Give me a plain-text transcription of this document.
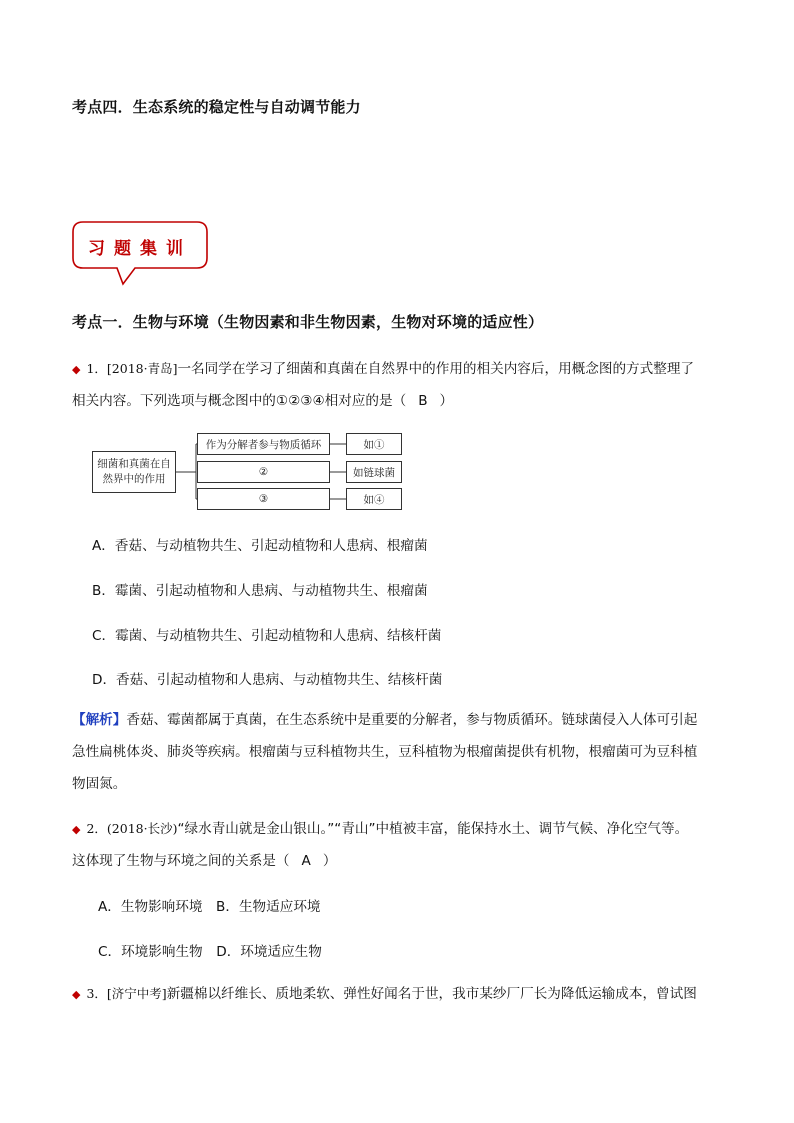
考点四．生态系统的稳定性与自动调节能力
习题集训
考点一．生物与环境（生物因素和非生物因素，生物对环境的适应性）
◆ 1．[2018·青岛]一名同学在学习了细菌和真菌在自然界中的作用的相关内容后，用概念图的方式整理了
相关内容。下列选项与概念图中的①②③④相对应的是（ B ）
细菌和真菌在自然界中的作用
作为分解者参与物质循环
②
③
如①
如链球菌
如④
A．香菇、与动植物共生、引起动植物和人患病、根瘤菌
B．霉菌、引起动植物和人患病、与动植物共生、根瘤菌
C．霉菌、与动植物共生、引起动植物和人患病、结核杆菌
D．香菇、引起动植物和人患病、与动植物共生、结核杆菌
【解析】香菇、霉菌都属于真菌，在生态系统中是重要的分解者，参与物质循环。链球菌侵入人体可引起
急性扁桃体炎、肺炎等疾病。根瘤菌与豆科植物共生，豆科植物为根瘤菌提供有机物，根瘤菌可为豆科植
物固氮。
◆ 2．(2018·长沙)“绿水青山就是金山银山。”“青山”中植被丰富，能保持水土、调节气候、净化空气等。
这体现了生物与环境之间的关系是（ A ）
A．生物影响环境　B．生物适应环境
C．环境影响生物　D．环境适应生物
◆ 3．[济宁中考]新疆棉以纤维长、质地柔软、弹性好闻名于世，我市某纱厂厂长为降低运输成本，曾试图
